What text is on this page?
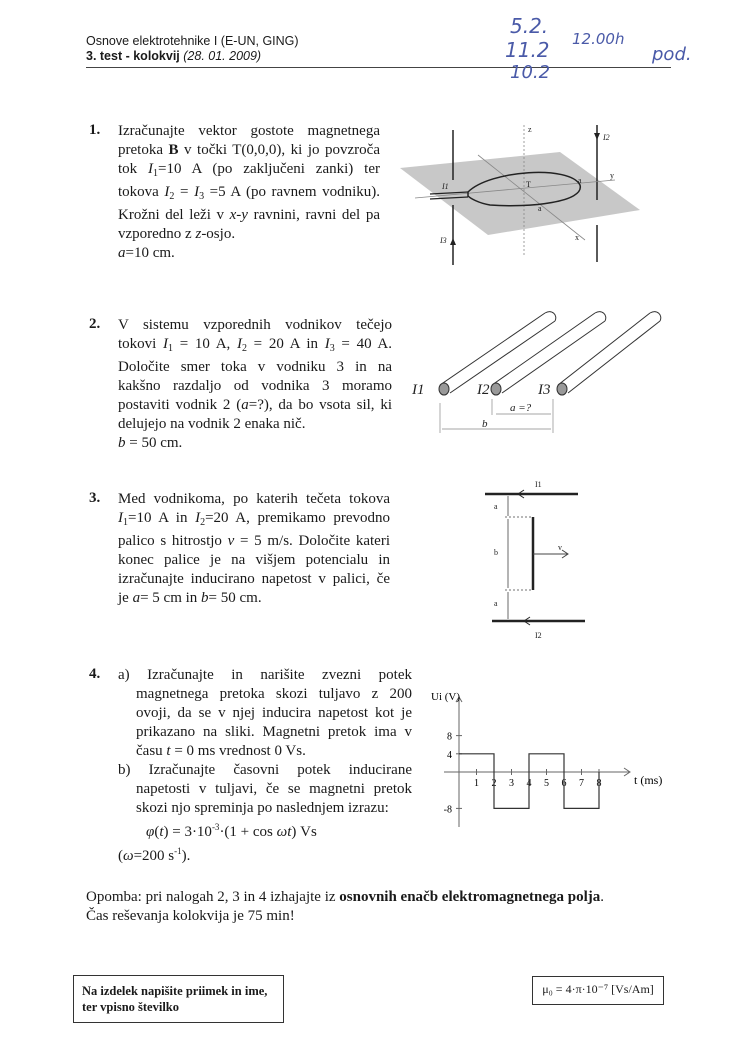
Osnove elektrotehnike I (E-UN, GING)
3. test - kolokvij (28. 01. 2009)
5.2.
11.2
10.2
12.00h
pod.
1. Izračunajte vektor gostote magnetnega
pretoka B v točki T(0,0,0), ki jo povzroča
tok $I_1=10$ A (po zaključeni zanki) ter
tokova $I_2 = I_3 =5$ A (po ravnem vodniku).
Krožni del leži v x-y ravnini, ravni del pa
vzporedno z z-osjo.
a=10 cm.
2. V sistemu vzporednih vodnikov tečejo
tokovi $I_1 = 10$ A, $I_2 = 20$ A in $I_3 = 40$ A.
Določite smer toka v vodniku 3 in na
kakšno razdaljo od vodnika 3 moramo
postaviti vodnik 2 (a=?), da bo vsota sil, ki
delujejo na vodnik 2 enaka nič.
b = 50 cm.
3. Med vodnikoma, po katerih tečeta tokova
$I_1=10$ A in $I_2=20$ A, premikamo prevodno
palico s hitrostjo v = 5 m/s. Določite kateri
konec palice je na višjem potencialu in
izračunajte inducirano napetost v palici, če
je a= 5 cm in b= 50 cm.
4. a) Izračunajte in narišite zvezni potek
magnetnega pretoka skozi tuljavo z 200
ovoji, da se v njej inducira napetost kot je
prikazano na sliki. Magnetni pretok ima v
času t = 0 ms vrednost 0 Vs.
b) Izračunajte časovni potek inducirane
napetosti v tuljavi, če se magnetni pretok
skozi njo spreminja po naslednjem izrazu:
$\varphi(t) = 3\cdot 10^{-3}\cdot(1 + \cos \omega t)$ Vs
(ω=200 $s^{-1}$).
z
y
x
T	a
a
I1
I2
I3
I1	I2	I3
a =?
b
I1
a
b
v
a
I2
1 2 3 4 5 6 7 8
8
4
-8
t (ms)
Ui (V)
Opomba: pri nalogah 2, 3 in 4 izhajajte iz osnovnih enačb elektromagnetnega polja.
Čas reševanja kolokvija je 75 min!
Na izdelek napišite priimek in ime,
ter vpisno številko
μ₀ = 4·π·10⁻⁷ [Vs/Am]
